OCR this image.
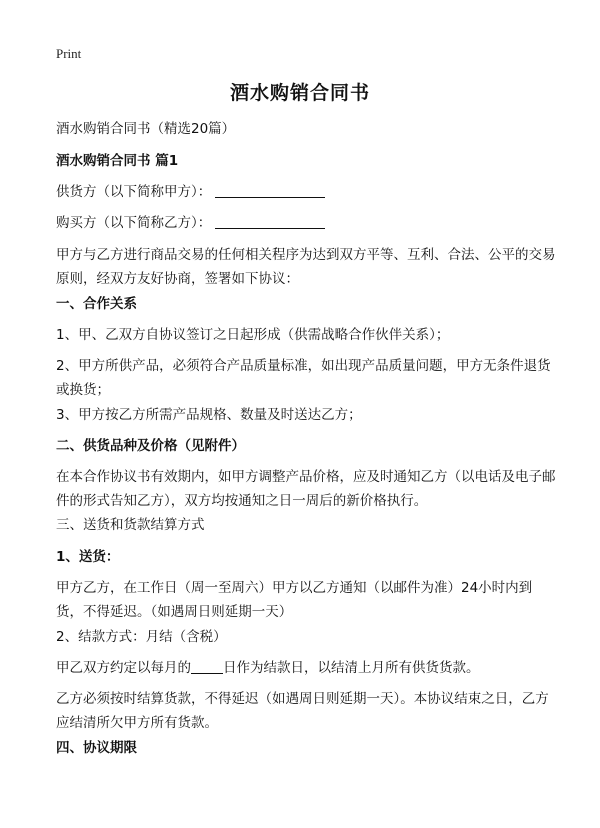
Print
酒水购销合同书
酒水购销合同书（精选20篇）
酒水购销合同书 篇1
供货方（以下简称甲方）：
购买方（以下简称乙方）：
甲方与乙方进行商品交易的任何相关程序为达到双方平等、互利、合法、公平的交易原则，经双方友好协商，签署如下协议：
一、合作关系
1、甲、乙双方自协议签订之日起形成（供需战略合作伙伴关系）；
2、甲方所供产品，必须符合产品质量标准，如出现产品质量问题，甲方无条件退货或换货；
3、甲方按乙方所需产品规格、数量及时送达乙方；
二、供货品种及价格（见附件）
在本合作协议书有效期内，如甲方调整产品价格，应及时通知乙方（以电话及电子邮件的形式告知乙方），双方均按通知之日一周后的新价格执行。
三、送货和货款结算方式
1、送货：
甲方乙方，在工作日（周一至周六）甲方以乙方通知（以邮件为准）24小时内到货，不得延迟。（如遇周日则延期一天）
2、结款方式：月结（含税）
甲乙双方约定以每月的 日作为结款日，以结清上月所有供货货款。
乙方必须按时结算货款，不得延迟（如遇周日则延期一天）。本协议结束之日，乙方应结清所欠甲方所有货款。
四、协议期限
